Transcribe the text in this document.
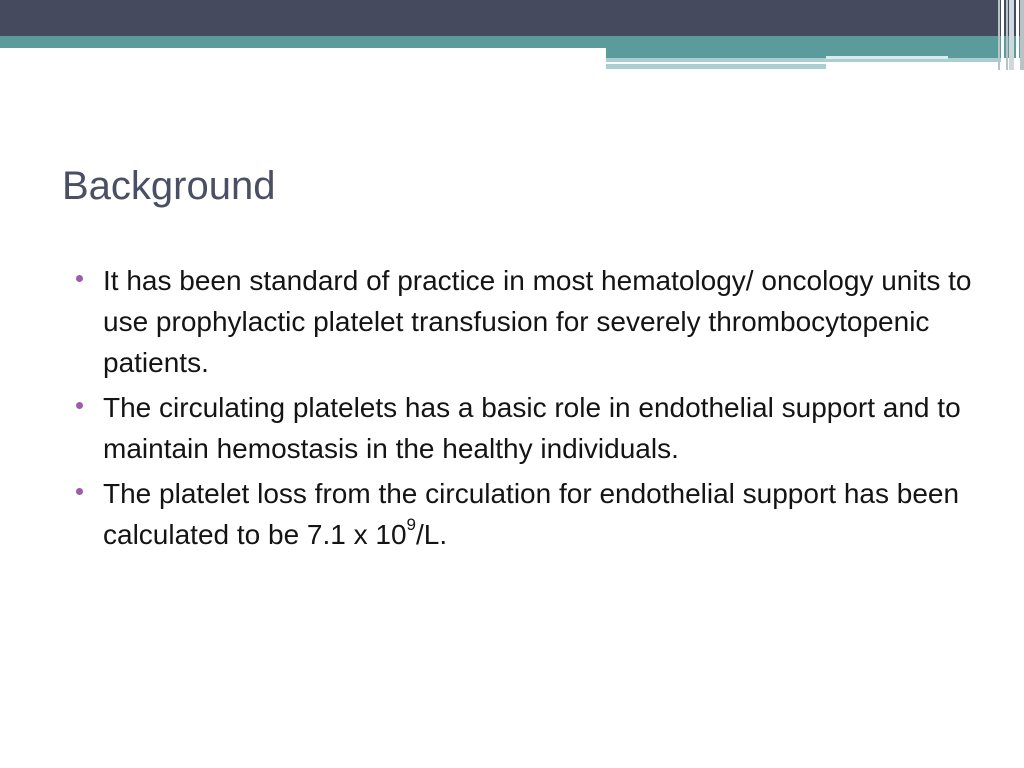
Background
It has been standard of practice in most hematology/ oncology units to use prophylactic platelet transfusion for severely thrombocytopenic patients.
The circulating platelets has a basic role in endothelial support and to maintain hemostasis in the healthy individuals.
The platelet loss from the circulation for endothelial support has been calculated to be 7.1 x $10^9/L$.
